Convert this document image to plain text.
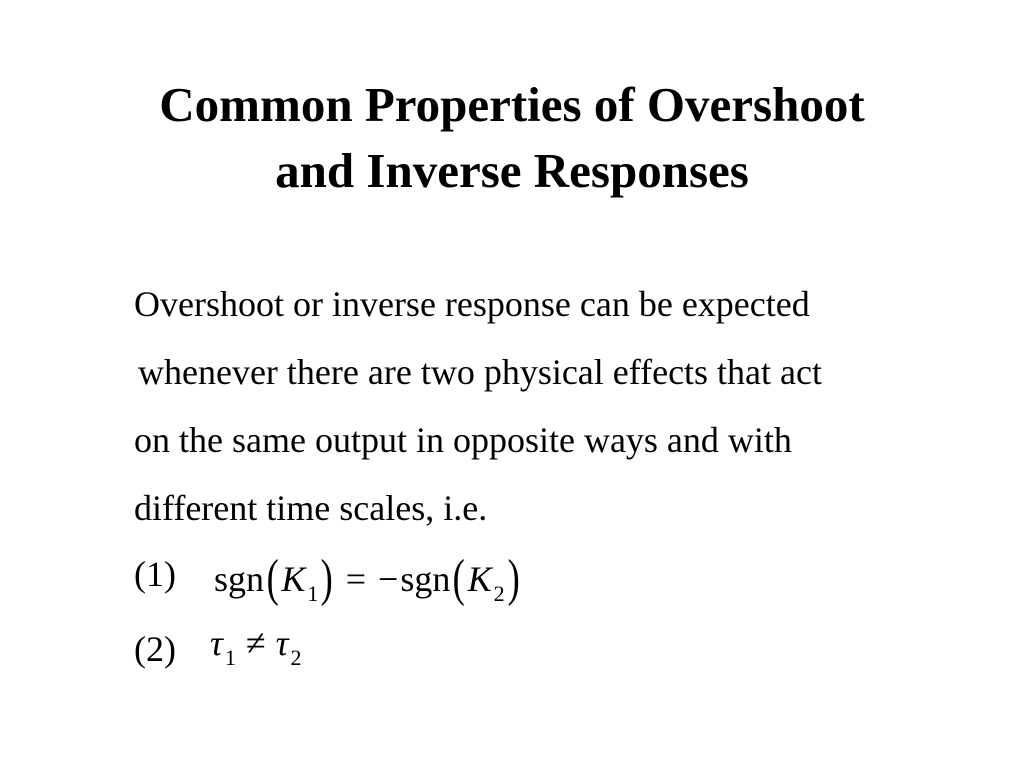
Common Properties of Overshoot
and Inverse Responses
Overshoot or inverse response can be expected
whenever there are two physical effects that act
on the same output in opposite ways and with
different time scales, i.e.
(1) $sgn(K_1) = -sgn(K_2)$
(2) $\tau_1 \ne \tau_2$
